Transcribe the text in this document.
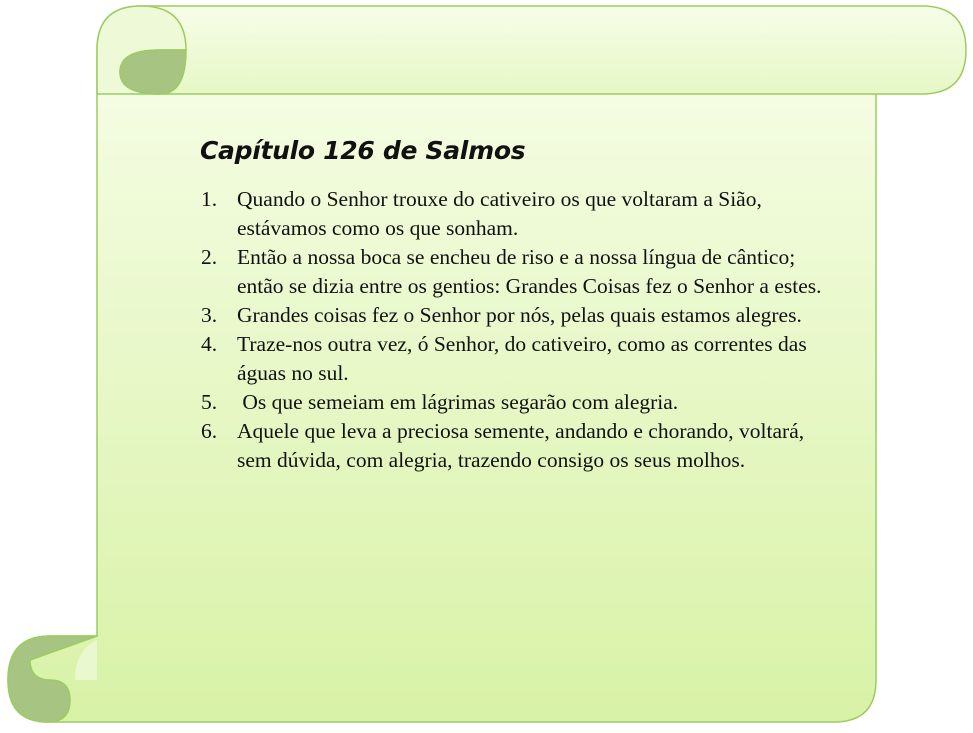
Capítulo 126 de Salmos
1. Quando o Senhor trouxe do cativeiro os que voltaram a Sião, estávamos como os que sonham.
2. Então a nossa boca se encheu de riso e a nossa língua de cântico; então se dizia entre os gentios: Grandes Coisas fez o Senhor a estes.
3. Grandes coisas fez o Senhor por nós, pelas quais estamos alegres.
4. Traze-nos outra vez, ó Senhor, do cativeiro, como as correntes das águas no sul.
5. Os que semeiam em lágrimas segarão com alegria.
6. Aquele que leva a preciosa semente, andando e chorando, voltará, sem dúvida, com alegria, trazendo consigo os seus molhos.
